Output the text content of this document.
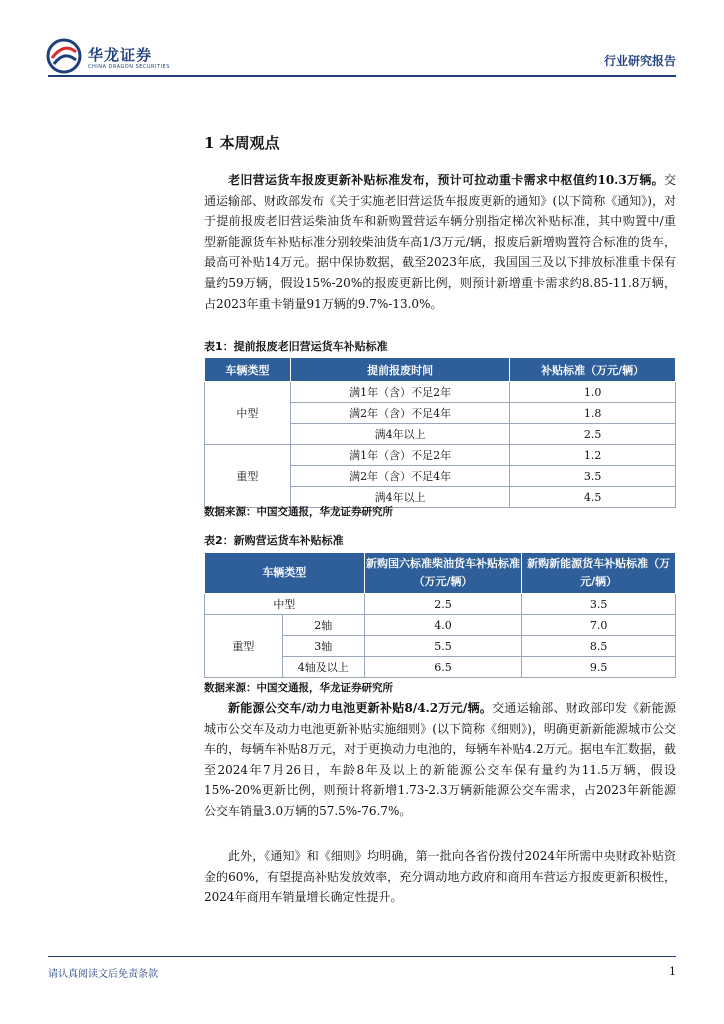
华龙证券
CHINA DRAGON SECURITIES	行业研究报告
1 本周观点
老旧营运货车报废更新补贴标准发布，预计可拉动重卡需求中枢值约10.3万辆。交通运输部、财政部发布《关于实施老旧营运货车报废更新的通知》(以下简称《通知》)，对于提前报废老旧营运柴油货车和新购置营运车辆分别指定梯次补贴标准，其中购置中/重型新能源货车补贴标准分别较柴油货车高1/3万元/辆，报废后新增购置符合标准的货车，最高可补贴14万元。据中保协数据，截至2023年底，我国国三及以下排放标准重卡保有量约59万辆，假设15%-20%的报废更新比例，则预计新增重卡需求约8.85-11.8万辆，占2023年重卡销量91万辆的9.7%-13.0%。
表1：提前报废老旧营运货车补贴标准
车辆类型	提前报废时间	补贴标准（万元/辆）
中型	满1年（含）不足2年	1.0
	满2年（含）不足4年	1.8
	满4年以上	2.5
重型	满1年（含）不足2年	1.2
	满2年（含）不足4年	3.5
	满4年以上	4.5
数据来源：中国交通报，华龙证券研究所
表2：新购营运货车补贴标准
车辆类型		新购国六标准柴油货车补贴标准（万元/辆）	新购新能源货车补贴标准（万元/辆）
中型		2.5	3.5
重型	2轴	4.0	7.0
	3轴	5.5	8.5
	4轴及以上	6.5	9.5
数据来源：中国交通报，华龙证券研究所
新能源公交车/动力电池更新补贴8/4.2万元/辆。交通运输部、财政部印发《新能源城市公交车及动力电池更新补贴实施细则》(以下简称《细则》)，明确更新新能源城市公交车的，每辆车补贴8万元，对于更换动力电池的，每辆车补贴4.2万元。据电车汇数据，截至2024年7月26日，车龄8年及以上的新能源公交车保有量约为11.5万辆，假设15%-20%更新比例，则预计将新增1.73-2.3万辆新能源公交车需求，占2023年新能源公交车销量3.0万辆的57.5%-76.7%。
此外，《通知》和《细则》均明确，第一批向各省份拨付2024年所需中央财政补贴资金的60%，有望提高补贴发放效率，充分调动地方政府和商用车营运方报废更新积极性，2024年商用车销量增长确定性提升。
请认真阅读文后免责条款	1
